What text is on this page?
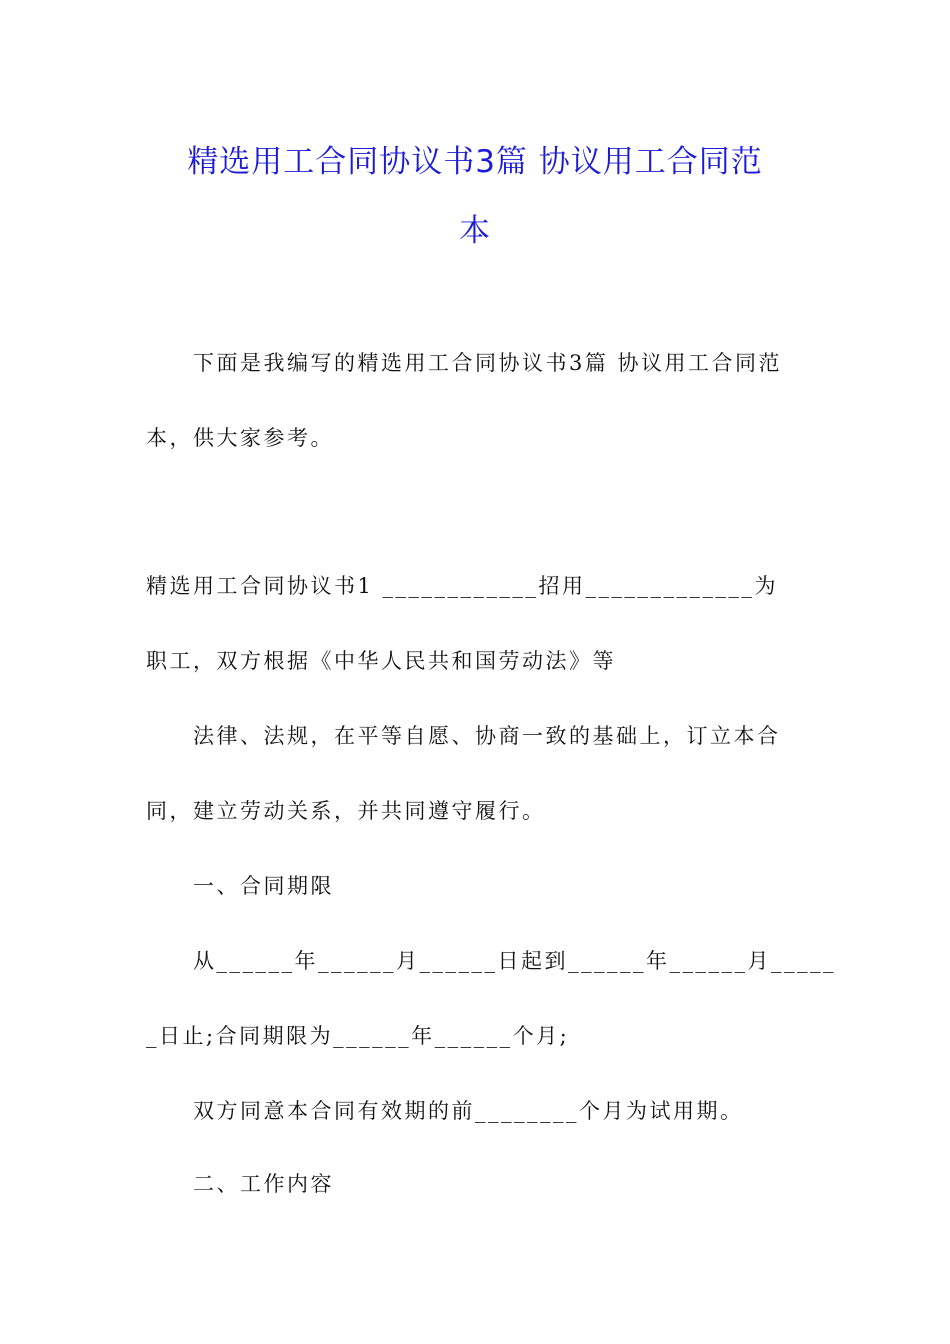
精选用工合同协议书3篇 协议用工合同范
本
下面是我编写的精选用工合同协议书3篇 协议用工合同范
本，供大家参考。
精选用工合同协议书1 ____________招用_____________为
职工，双方根据《中华人民共和国劳动法》等
法律、法规，在平等自愿、协商一致的基础上，订立本合
同，建立劳动关系，并共同遵守履行。
一、合同期限
从______年______月______日起到______年______月_____
_日止;合同期限为______年______个月;
双方同意本合同有效期的前________个月为试用期。
二、工作内容
